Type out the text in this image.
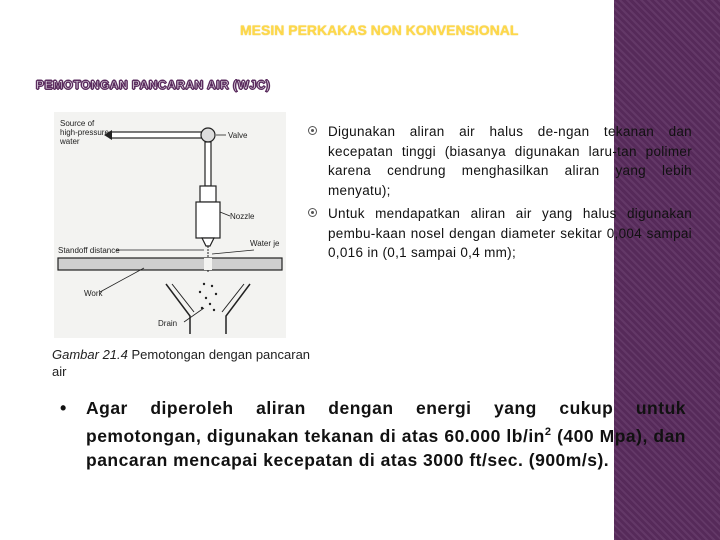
MESIN PERKAKAS NON KONVENSIONAL
PEMOTONGAN PANCARAN AIR (WJC)
Source of high-pressure water
Valve
Nozzle
Water je
Standoff distance
Work
Drain
Gambar 21.4 Pemotongan dengan pancaran air
Digunakan aliran air halus de-ngan tekanan dan kecepatan tinggi (biasanya digunakan laru-tan polimer karena cendrung menghasilkan aliran yang lebih menyatu);
Untuk mendapatkan aliran air yang halus digunakan pembu-kaan nosel dengan diameter sekitar 0,004 sampai 0,016 in (0,1 sampai 0,4 mm);
• Agar diperoleh aliran dengan energi yang cukup untuk pemotongan, digunakan tekanan di atas 60.000 $lb/in^2$ (400 Mpa), dan pancaran mencapai kecepatan di atas 3000 ft/sec. (900m/s).
